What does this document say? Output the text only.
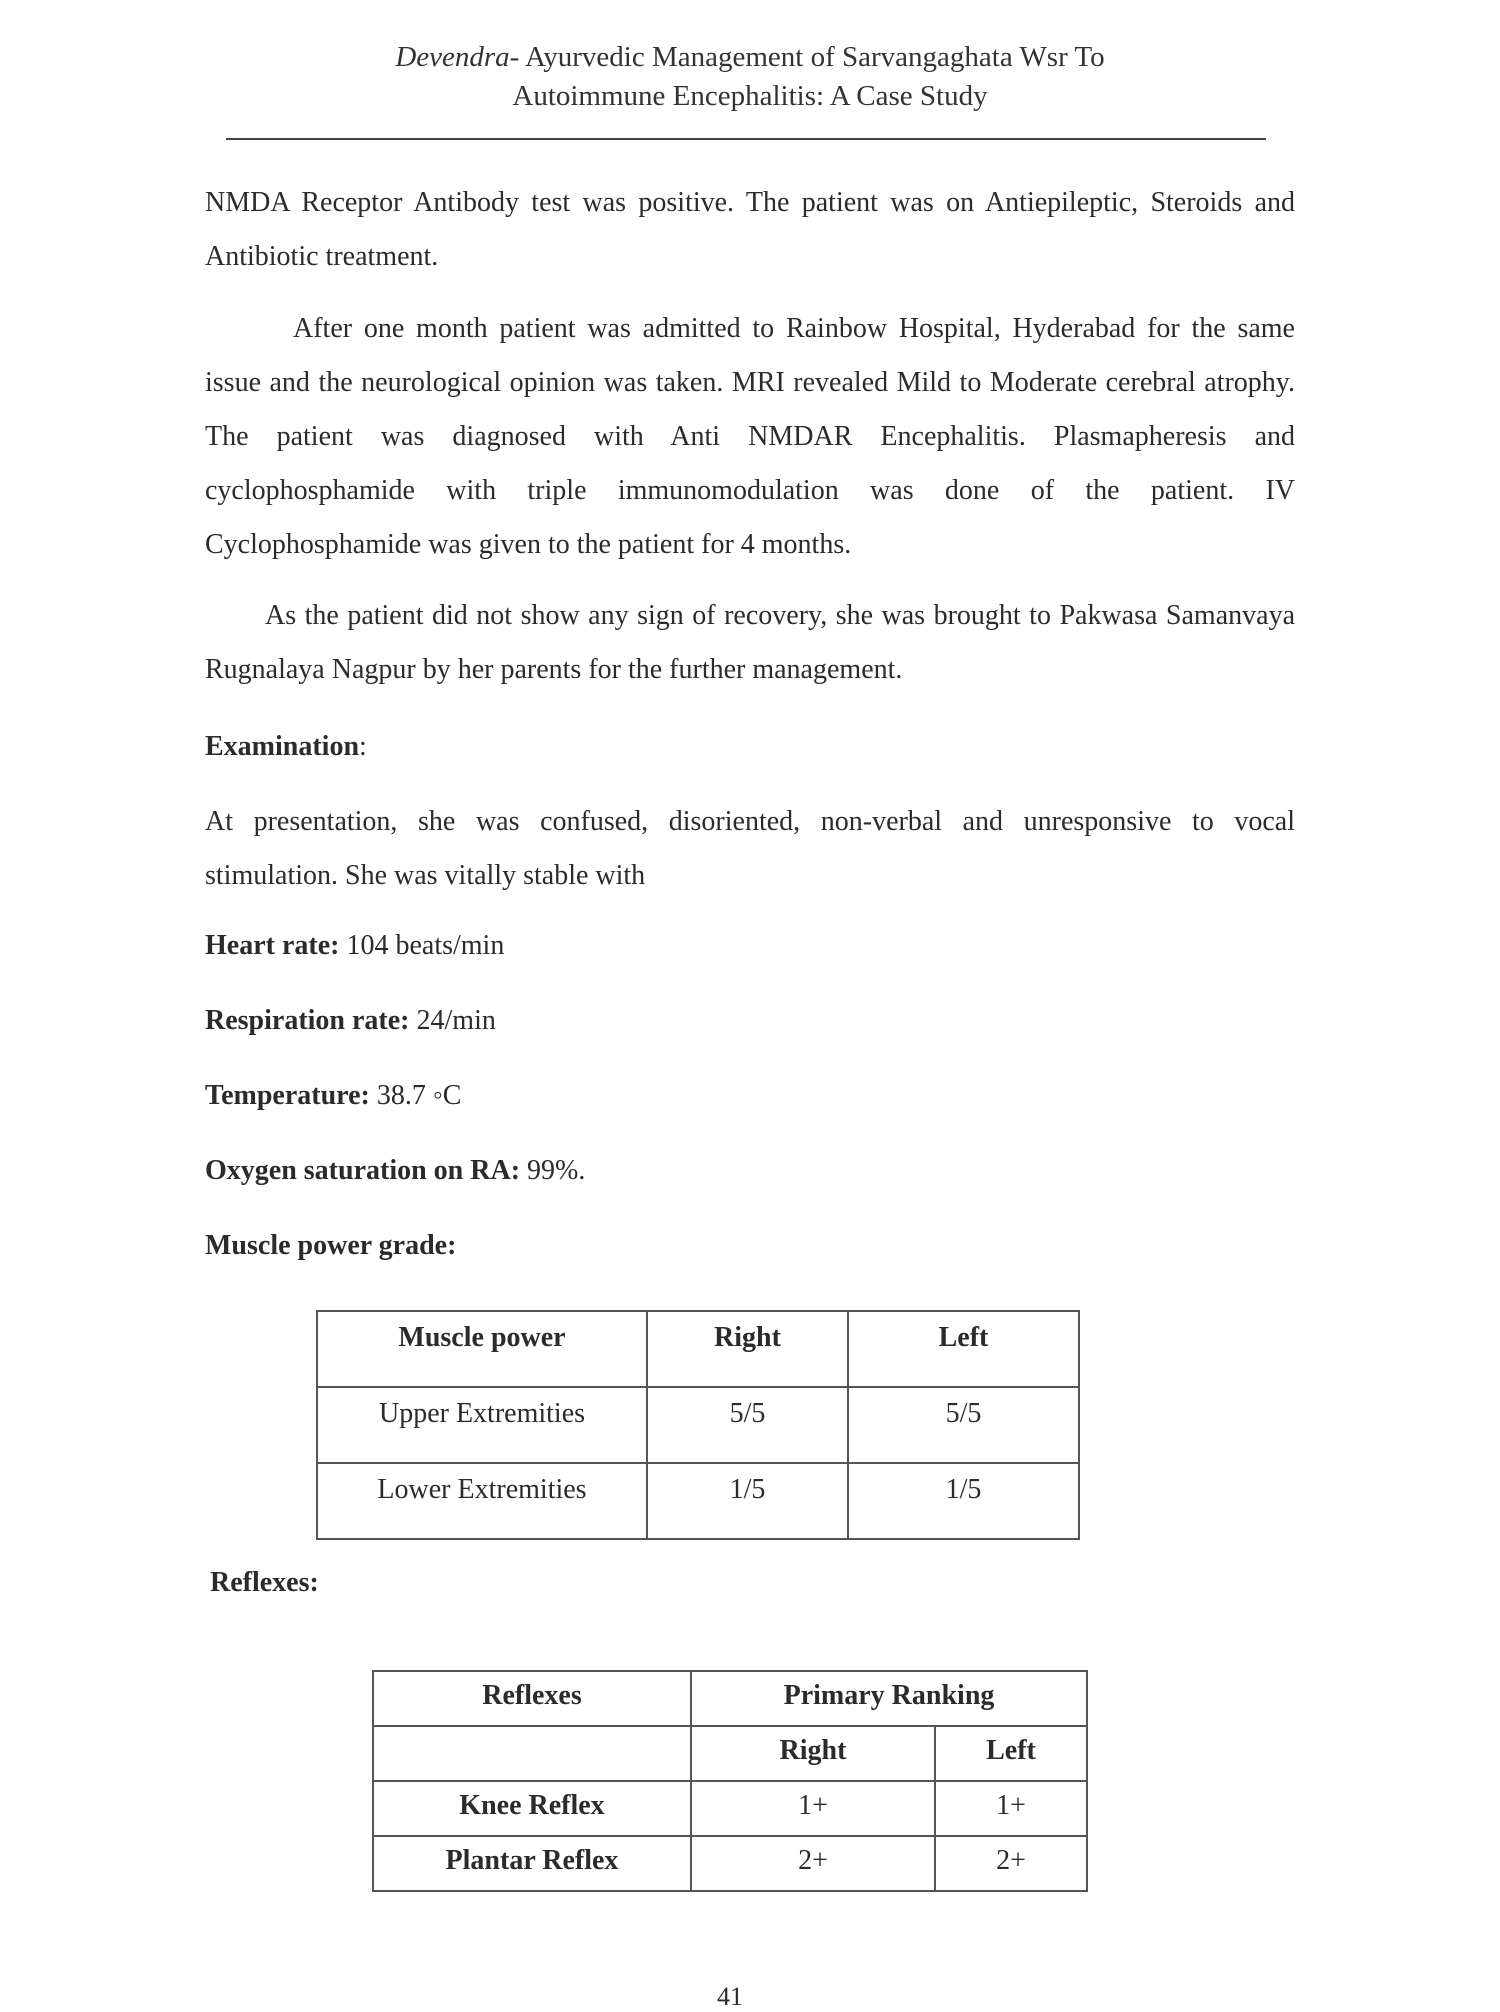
Devendra- Ayurvedic Management of Sarvangaghata Wsr To
Autoimmune Encephalitis: A Case Study

NMDA Receptor Antibody test was positive. The patient was on Antiepileptic, Steroids and Antibiotic treatment.

After one month patient was admitted to Rainbow Hospital, Hyderabad for the same issue and the neurological opinion was taken. MRI revealed Mild to Moderate cerebral atrophy. The patient was diagnosed with Anti NMDAR Encephalitis. Plasmapheresis and cyclophosphamide with triple immunomodulation was done of the patient. IV Cyclophosphamide was given to the patient for 4 months.

As the patient did not show any sign of recovery, she was brought to Pakwasa Samanvaya Rugnalaya Nagpur by her parents for the further management.

Examination:

At presentation, she was confused, disoriented, non-verbal and unresponsive to vocal stimulation. She was vitally stable with

Heart rate: 104 beats/min

Respiration rate: 24/min

Temperature: 38.7 ◦C

Oxygen saturation on RA: 99%.

Muscle power grade:

Muscle power	Right	Left
Upper Extremities	5/5	5/5
Lower Extremities	1/5	1/5

Reflexes:

Reflexes	Primary Ranking	
	Right	Left
Knee Reflex	1+	1+
Plantar Reflex	2+	2+
41
